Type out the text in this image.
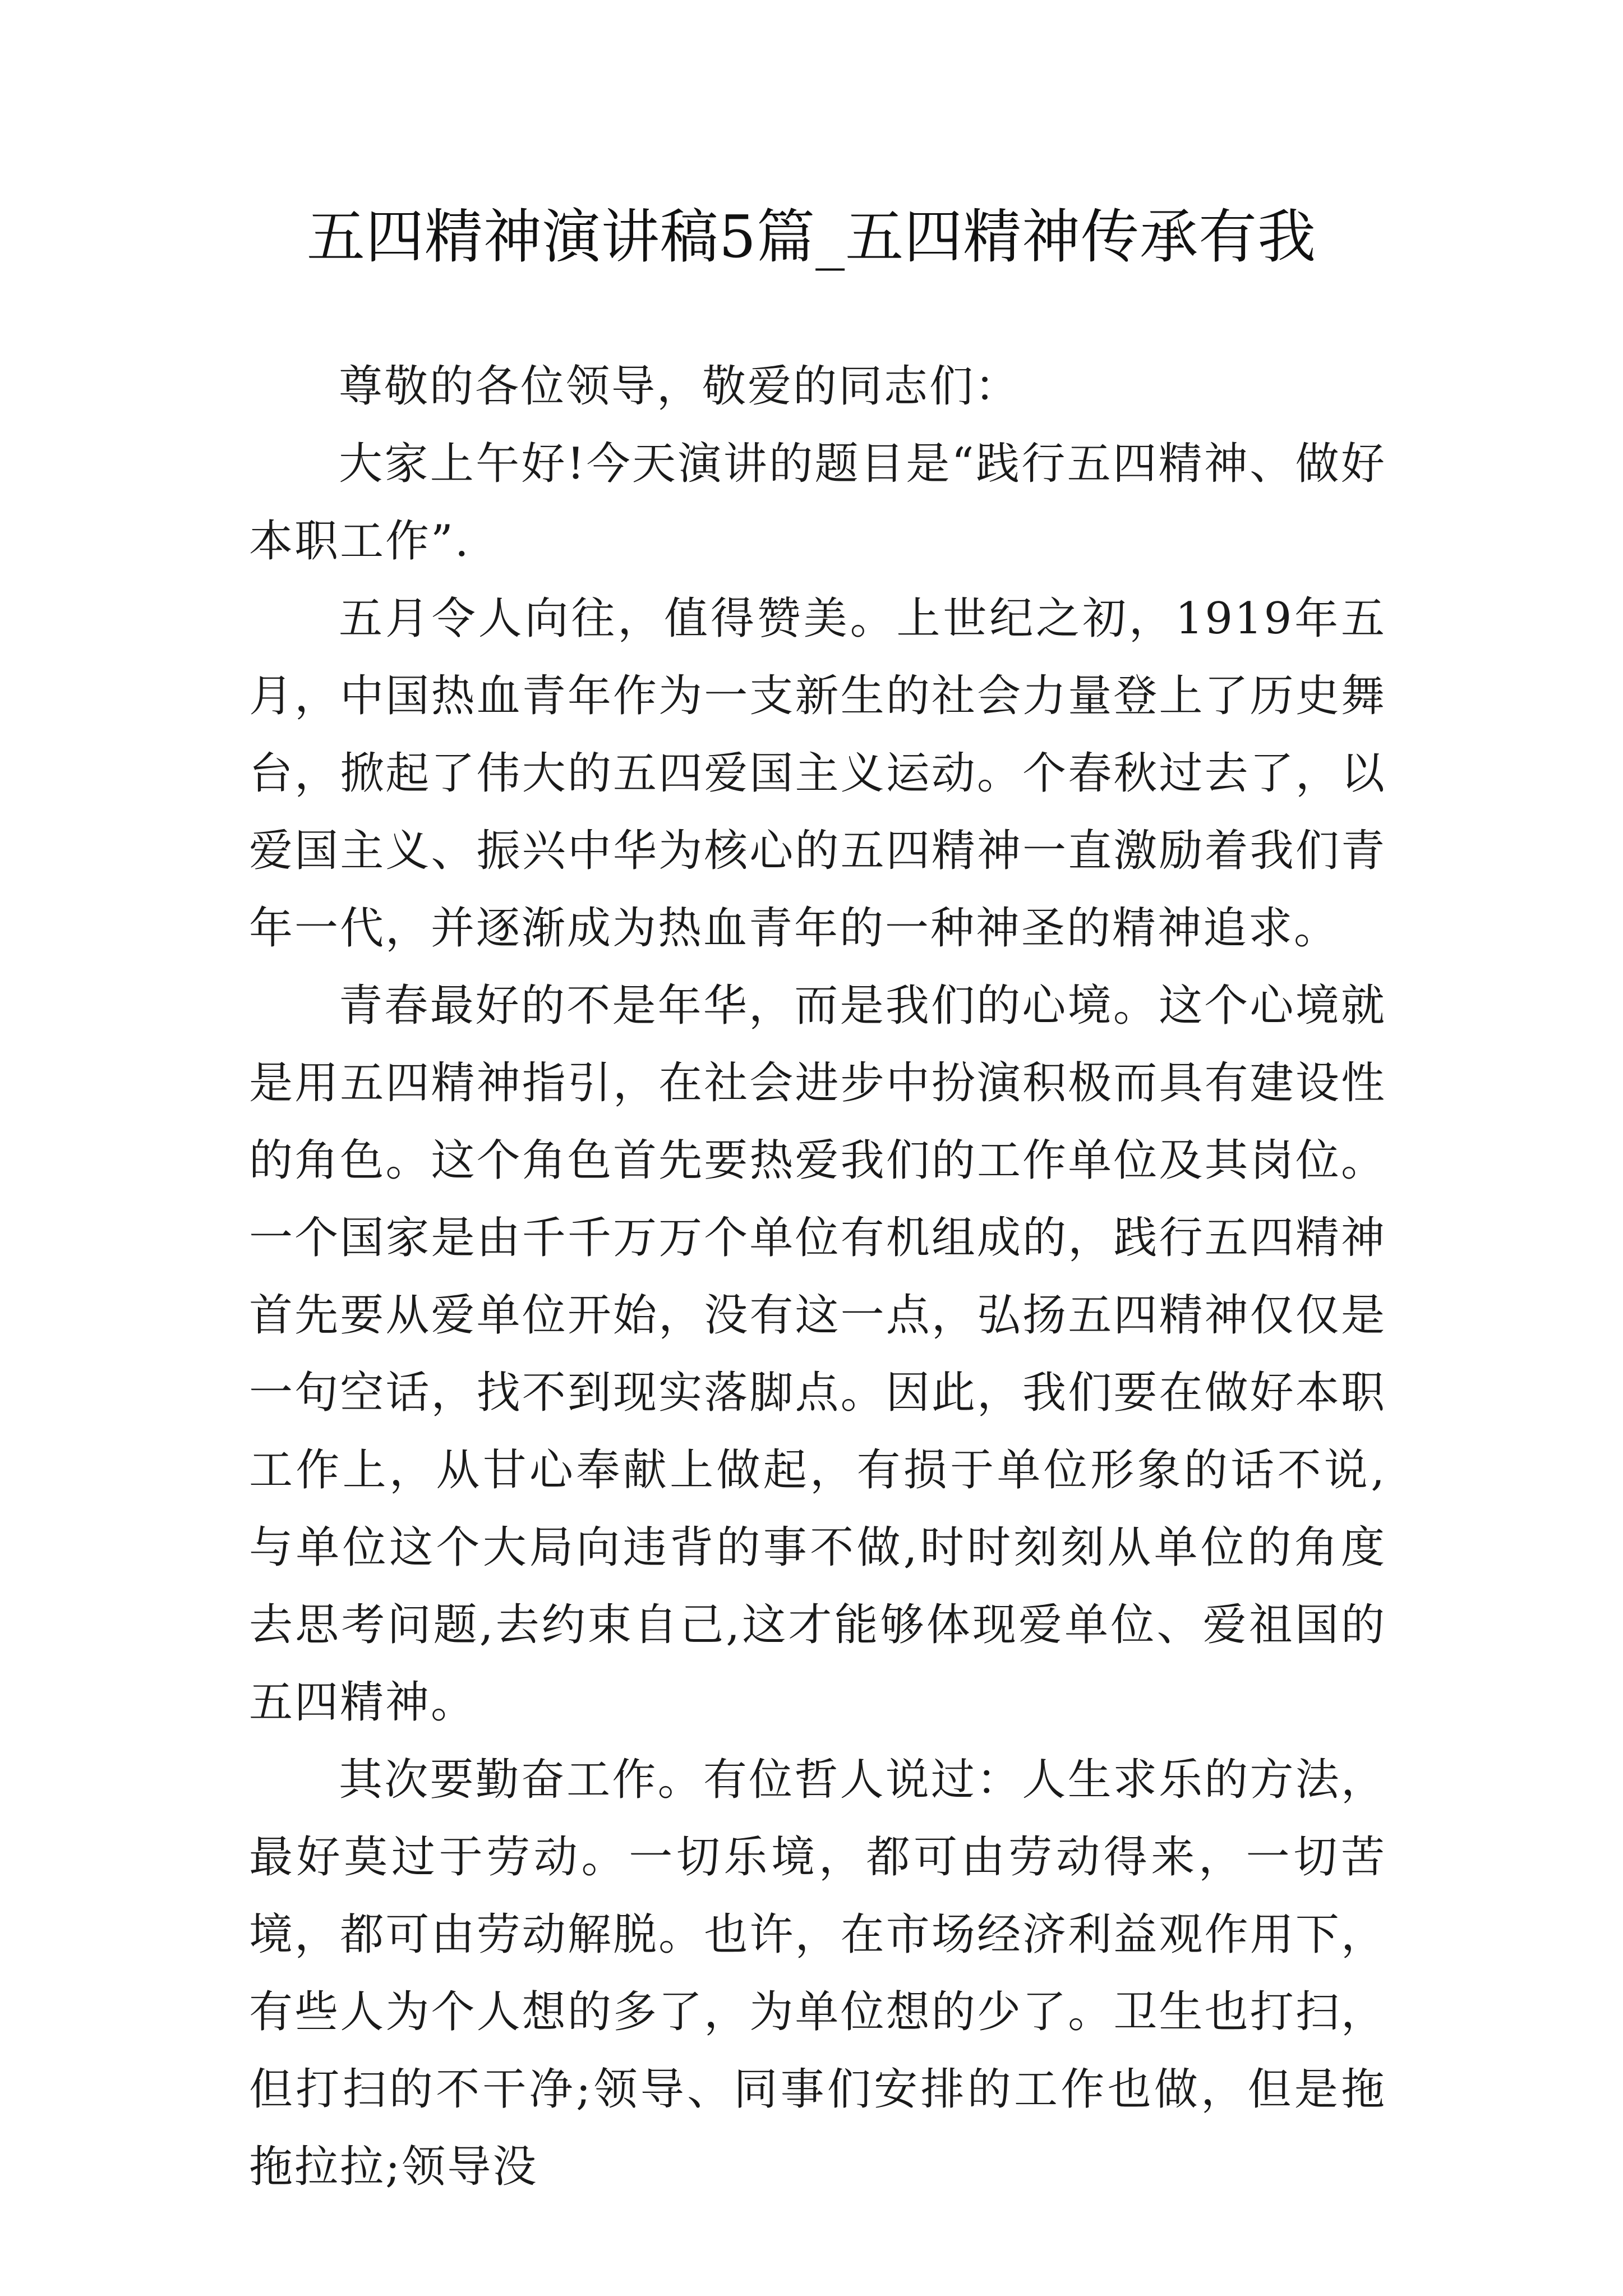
五四精神演讲稿5篇_五四精神传承有我

尊敬的各位领导，敬爱的同志们：

大家上午好!今天演讲的题目是“践行五四精神、做好本职工作”.

五月令人向往，值得赞美。上世纪之初，1919年五月，中国热血青年作为一支新生的社会力量登上了历史舞台，掀起了伟大的五四爱国主义运动。个春秋过去了，以爱国主义、振兴中华为核心的五四精神一直激励着我们青年一代，并逐渐成为热血青年的一种神圣的精神追求。

青春最好的不是年华，而是我们的心境。这个心境就是用五四精神指引，在社会进步中扮演积极而具有建设性的角色。这个角色首先要热爱我们的工作单位及其岗位。一个国家是由千千万万个单位有机组成的，践行五四精神首先要从爱单位开始，没有这一点，弘扬五四精神仅仅是一句空话，找不到现实落脚点。因此，我们要在做好本职工作上，从甘心奉献上做起，有损于单位形象的话不说,与单位这个大局向违背的事不做,时时刻刻从单位的角度去思考问题,去约束自己,这才能够体现爱单位、爱祖国的五四精神。

其次要勤奋工作。有位哲人说过：人生求乐的方法，最好莫过于劳动。一切乐境，都可由劳动得来，一切苦境，都可由劳动解脱。也许，在市场经济利益观作用下，有些人为个人想的多了，为单位想的少了。卫生也打扫，但打扫的不干净;领导、同事们安排的工作也做，但是拖拖拉拉;领导没
